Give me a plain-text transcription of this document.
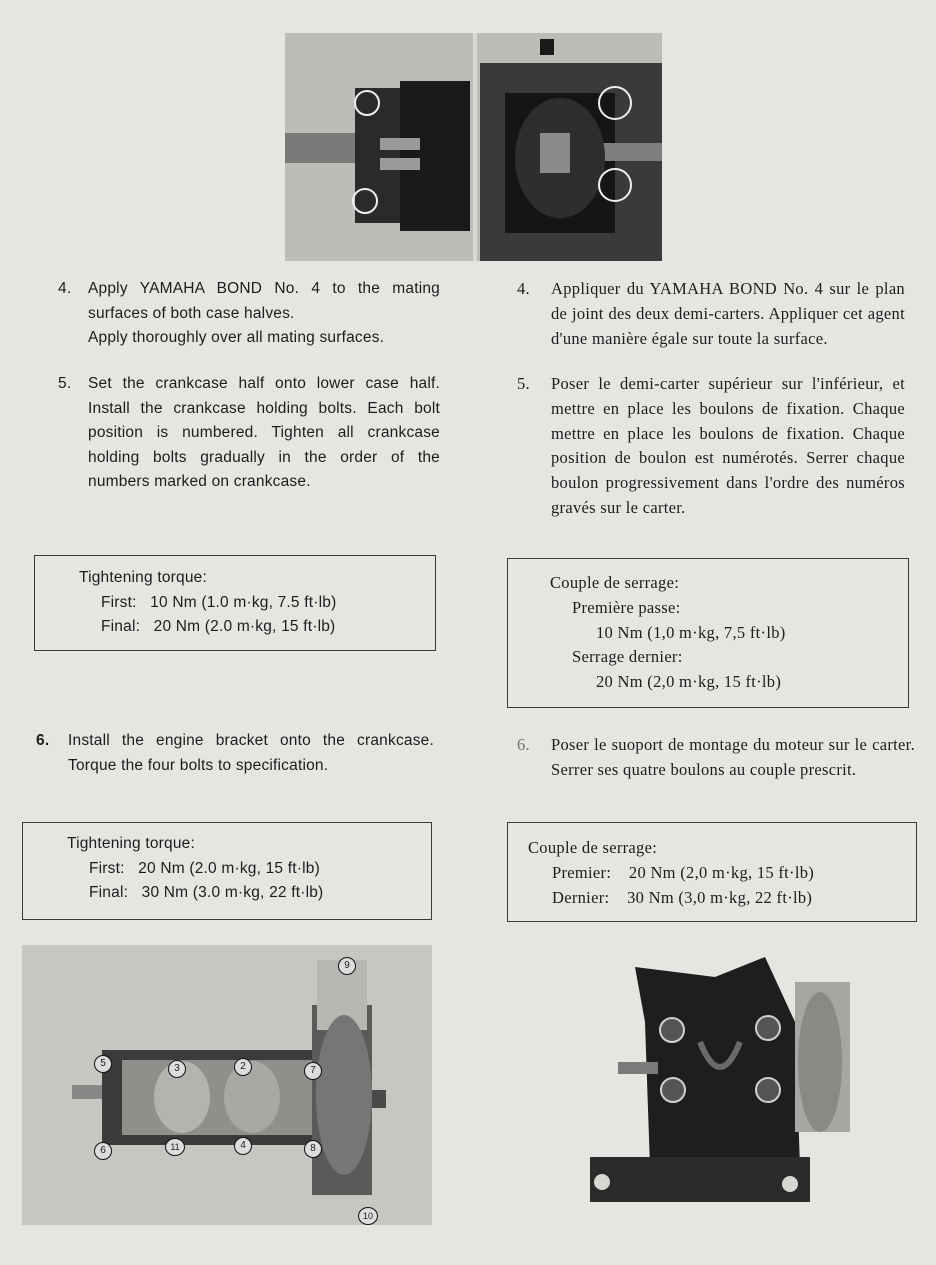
4. Apply YAMAHA BOND No. 4 to the mating surfaces of both case halves.
Apply thoroughly over all mating surfaces.
5. Set the crankcase half onto lower case half. Install the crankcase holding bolts. Each bolt position is numbered. Tighten all crankcase holding bolts gradually in the order of the numbers marked on crankcase.
Tightening torque:
First: 10 Nm (1.0 m·kg, 7.5 ft·lb)
Final: 20 Nm (2.0 m·kg, 15 ft·lb)
6. Install the engine bracket onto the crankcase. Torque the four bolts to specification.
Tightening torque:
First: 20 Nm (2.0 m·kg, 15 ft·lb)
Final: 30 Nm (3.0 m·kg, 22 ft·lb)
4. Appliquer du YAMAHA BOND No. 4 sur le plan de joint des deux demi-carters. Appliquer cet agent d'une manière égale sur toute la surface.
5. Poser le demi-carter supérieur sur l'inférieur, et mettre en place les boulons de fixation. Chaque mettre en place les boulons de fixation. Chaque position de boulon est numérotés. Serrer chaque boulon progressivement dans l'ordre des numéros gravés sur le carter.
Couple de serrage:
Première passe:
10 Nm (1,0 m·kg, 7,5 ft·lb)
Serrage dernier:
20 Nm (2,0 m·kg, 15 ft·lb)
6. Poser le suoport de montage du moteur sur le carter. Serrer ses quatre boulons au couple prescrit.
Couple de serrage:
Premier: 20 Nm (2,0 m·kg, 15 ft·lb)
Dernier: 30 Nm (3,0 m·kg, 22 ft·lb)
9
5	3	2	7
6	11	4	8
10
